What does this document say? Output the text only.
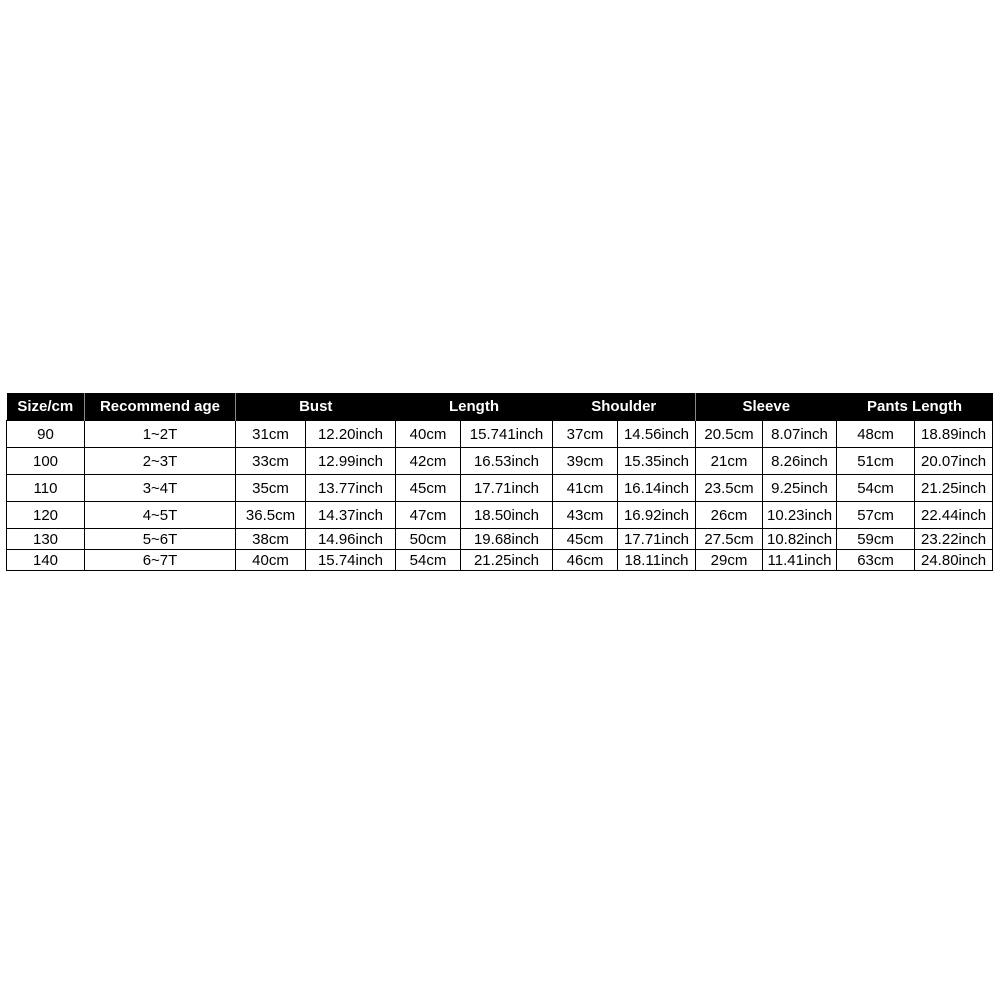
Size/cm	Recommend age	Bust		Length		Shoulder		Sleeve		Pants Length	
90	1~2T	31cm	12.20inch	40cm	15.741inch	37cm	14.56inch	20.5cm	8.07inch	48cm	18.89inch
100	2~3T	33cm	12.99inch	42cm	16.53inch	39cm	15.35inch	21cm	8.26inch	51cm	20.07inch
110	3~4T	35cm	13.77inch	45cm	17.71inch	41cm	16.14inch	23.5cm	9.25inch	54cm	21.25inch
120	4~5T	36.5cm	14.37inch	47cm	18.50inch	43cm	16.92inch	26cm	10.23inch	57cm	22.44inch
130	5~6T	38cm	14.96inch	50cm	19.68inch	45cm	17.71inch	27.5cm	10.82inch	59cm	23.22inch
140	6~7T	40cm	15.74inch	54cm	21.25inch	46cm	18.11inch	29cm	11.41inch	63cm	24.80inch
